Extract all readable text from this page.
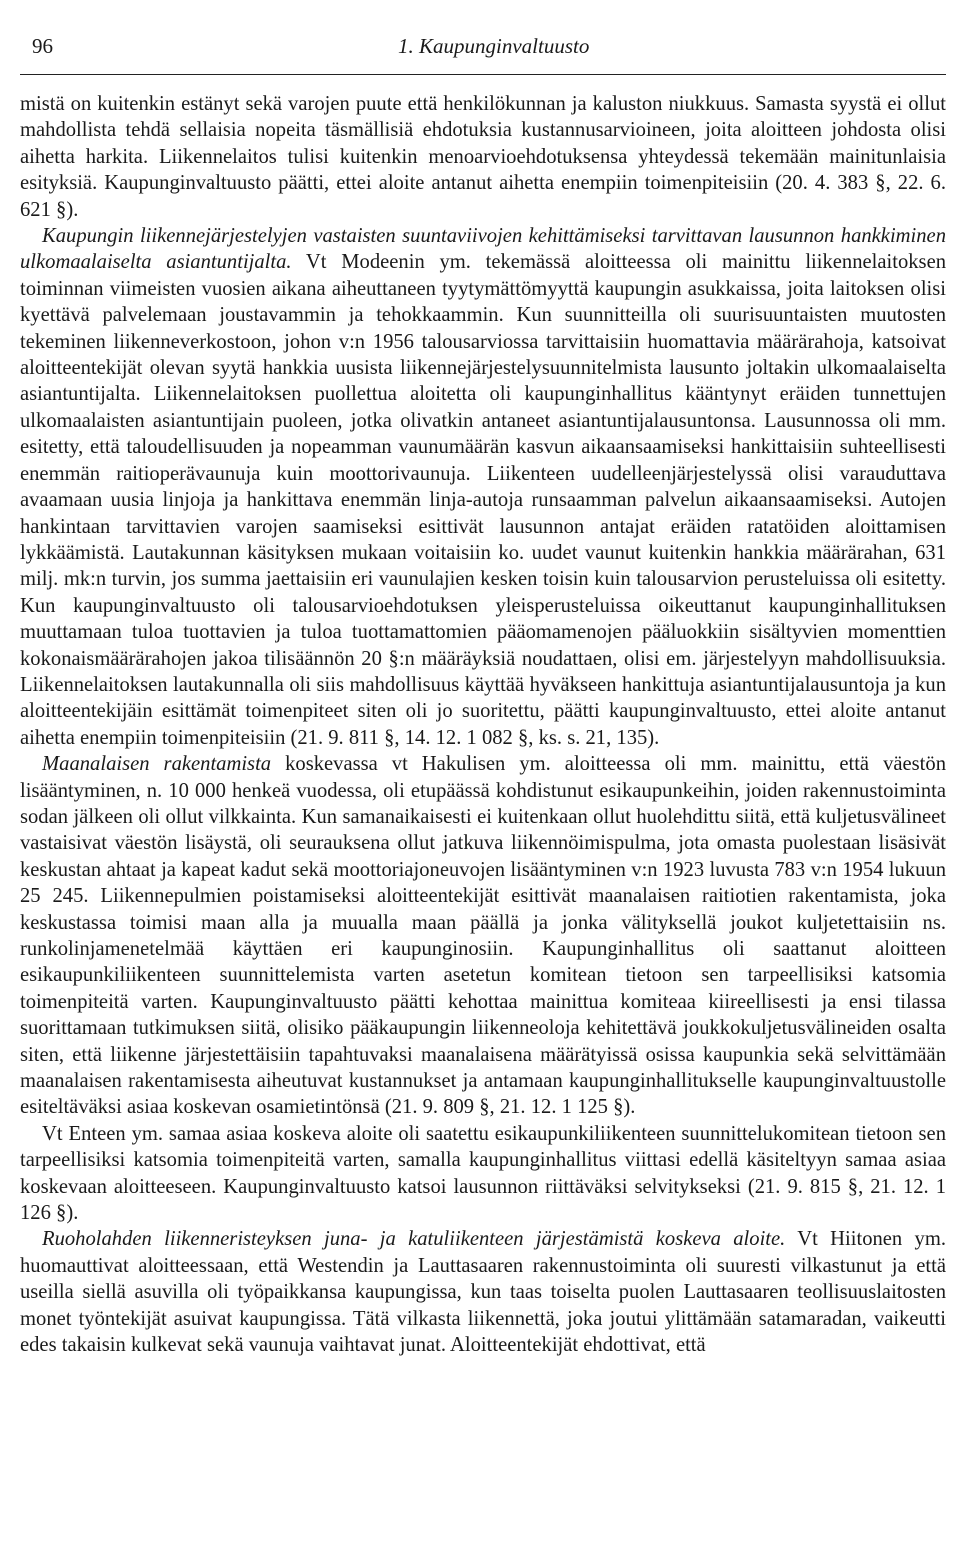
96	1. Kaupunginvaltuusto

mistä on kuitenkin estänyt sekä varojen puute että henkilökunnan ja kaluston niukkuus. Samasta syystä ei ollut mahdollista tehdä sellaisia nopeita täsmällisiä ehdotuksia kustannusarvioineen, joita aloitteen johdosta olisi aihetta harkita. Liikennelaitos tulisi kuitenkin menoarvioehdotuksensa yhteydessä tekemään mainitunlaisia esityksiä. Kaupunginvaltuusto päätti, ettei aloite antanut aihetta enempiin toimenpiteisiin (20. 4. 383 §, 22. 6. 621 §).

Kaupungin liikennejärjestelyjen vastaisten suuntaviivojen kehittämiseksi tarvittavan lausunnon hankkiminen ulkomaalaiselta asiantuntijalta. Vt Modeenin ym. tekemässä aloitteessa oli mainittu liikennelaitoksen toiminnan viimeisten vuosien aikana aiheuttaneen tyytymättömyyttä kaupungin asukkaissa, joita laitoksen olisi kyettävä palvelemaan joustavammin ja tehokkaammin. Kun suunnitteilla oli suurisuuntaisten muutosten tekeminen liikenneverkostoon, johon v:n 1956 talousarviossa tarvittaisiin huomattavia määrärahoja, katsoivat aloitteentekijät olevan syytä hankkia uusista liikennejärjestelysuunnitelmista lausunto joltakin ulkomaalaiselta asiantuntijalta. Liikennelaitoksen puollettua aloitetta oli kaupunginhallitus kääntynyt eräiden tunnettujen ulkomaalaisten asiantuntijain puoleen, jotka olivatkin antaneet asiantuntijalausuntonsa. Lausunnossa oli mm. esitetty, että taloudellisuuden ja nopeamman vaunumäärän kasvun aikaansaamiseksi hankittaisiin suhteellisesti enemmän raitioperävaunuja kuin moottorivaunuja. Liikenteen uudelleenjärjestelyssä olisi varauduttava avaamaan uusia linjoja ja hankittava enemmän linja-autoja runsaamman palvelun aikaansaamiseksi. Autojen hankintaan tarvittavien varojen saamiseksi esittivät lausunnon antajat eräiden ratatöiden aloittamisen lykkäämistä. Lautakunnan käsityksen mukaan voitaisiin ko. uudet vaunut kuitenkin hankkia määrärahan, 631 milj. mk:n turvin, jos summa jaettaisiin eri vaunulajien kesken toisin kuin talousarvion perusteluissa oli esitetty. Kun kaupunginvaltuusto oli talousarvioehdotuksen yleisperusteluissa oikeuttanut kaupunginhallituksen muuttamaan tuloa tuottavien ja tuloa tuottamattomien pääomamenojen pääluokkiin sisältyvien momenttien kokonaismäärärahojen jakoa tilisäännön 20 §:n määräyksiä noudattaen, olisi em. järjestelyyn mahdollisuuksia. Liikennelaitoksen lautakunnalla oli siis mahdollisuus käyttää hyväkseen hankittuja asiantuntijalausuntoja ja kun aloitteentekijäin esittämät toimenpiteet siten oli jo suoritettu, päätti kaupunginvaltuusto, ettei aloite antanut aihetta enempiin toimenpiteisiin (21. 9. 811 §, 14. 12. 1 082 §, ks. s. 21, 135).

Maanalaisen rakentamista koskevassa vt Hakulisen ym. aloitteessa oli mm. mainittu, että väestön lisääntyminen, n. 10 000 henkeä vuodessa, oli etupäässä kohdistunut esikaupunkeihin, joiden rakennustoiminta sodan jälkeen oli ollut vilkkainta. Kun samanaikaisesti ei kuitenkaan ollut huolehdittu siitä, että kuljetusvälineet vastaisivat väestön lisäystä, oli seurauksena ollut jatkuva liikennöimispulma, jota omasta puolestaan lisäsivät keskustan ahtaat ja kapeat kadut sekä moottoriajoneuvojen lisääntyminen v:n 1923 luvusta 783 v:n 1954 lukuun 25 245. Liikennepulmien poistamiseksi aloitteentekijät esittivät maanalaisen raitiotien rakentamista, joka keskustassa toimisi maan alla ja muualla maan päällä ja jonka välityksellä joukot kuljetettaisiin ns. runkolinjamenetelmää käyttäen eri kaupunginosiin. Kaupunginhallitus oli saattanut aloitteen esikaupunkiliikenteen suunnittelemista varten asetetun komitean tietoon sen tarpeellisiksi katsomia toimenpiteitä varten. Kaupunginvaltuusto päätti kehottaa mainittua komiteaa kiireellisesti ja ensi tilassa suorittamaan tutkimuksen siitä, olisiko pääkaupungin liikenneoloja kehitettävä joukkokuljetusvälineiden osalta siten, että liikenne järjestettäisiin tapahtuvaksi maanalaisena määrätyissä osissa kaupunkia sekä selvittämään maanalaisen rakentamisesta aiheutuvat kustannukset ja antamaan kaupunginhallitukselle kaupunginvaltuustolle esiteltäväksi asiaa koskevan osamietintönsä (21. 9. 809 §, 21. 12. 1 125 §).

Vt Enteen ym. samaa asiaa koskeva aloite oli saatettu esikaupunkiliikenteen suunnittelukomitean tietoon sen tarpeellisiksi katsomia toimenpiteitä varten, samalla kaupunginhallitus viittasi edellä käsiteltyyn samaa asiaa koskevaan aloitteeseen. Kaupunginvaltuusto katsoi lausunnon riittäväksi selvitykseksi (21. 9. 815 §, 21. 12. 1 126 §).

Ruoholahden liikenneristeyksen juna- ja katuliikenteen järjestämistä koskeva aloite. Vt Hiitonen ym. huomauttivat aloitteessaan, että Westendin ja Lauttasaaren rakennustoiminta oli suuresti vilkastunut ja että useilla siellä asuvilla oli työpaikkansa kaupungissa, kun taas toiselta puolen Lauttasaaren teollisuuslaitosten monet työntekijät asuivat kaupungissa. Tätä vilkasta liikennettä, joka joutui ylittämään satamaradan, vaikeutti edes takaisin kulkevat sekä vaunuja vaihtavat junat. Aloitteentekijät ehdottivat, että
